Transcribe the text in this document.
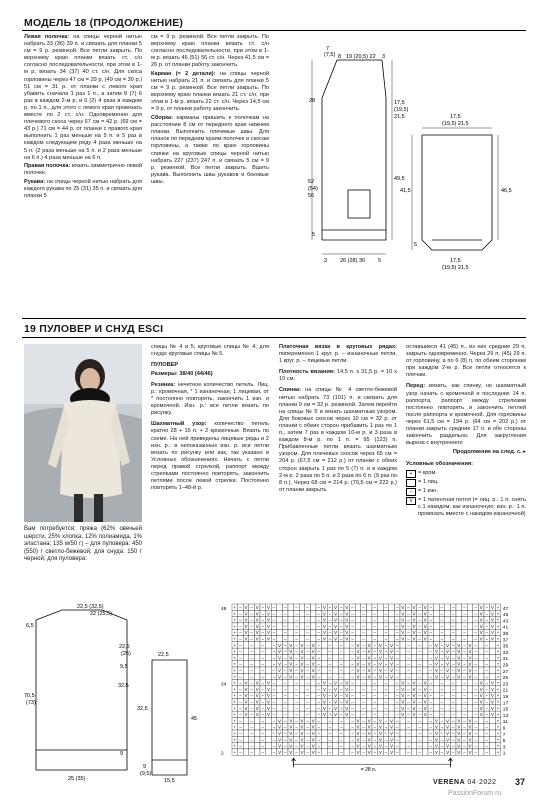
МОДЕЛЬ 18 (ПРОДОЛЖЕНИЕ)

Левая полочка: на спицы черной нитью набрать 33 (36) 39 п. и связать для планки 5 см = 9 р. резинкой. Все петли закрыть. По верхнему краю планки вязать ст. с/н согласно последовательности, при этом в 1-м р. вязать 34 (37) 40 ст. с/н. Для скоса горловины через 47 см = 29 р. (49 см = 30 р.) 51 см = 31 р. от планки с левого края убавить сначала 1 раз 1 п., а затем 8 (7) 6 раз в каждом 2-м р. и 0 (2) 4 раза в каждом р. по 1 п., для этого с левого края провязать вместе по 2 ст. с/н. Одновременно для плечевого скоса через 67 см = 42 р. (69 см = 43 р.) 71 см = 44 р. от планки с правого края выполнить 1 раз меньше на 5 п. и 5 раз в каждом следующем ряду 4 раза меньше на 5 п. (2 раза меньше на 5 п. и 2 раза меньше на 6 п.) 4 раза меньше на 6 п.

Правая полочка: вязать симметрично левой полочке.

Рукава: на спицы черной нитью набрать для каждого рукава по 25 (31) 35 п. и связать для планки 5

см = 9 р. резинкой. Все петли закрыть. По верхнему краю планки вязать ст. с/н согласно последовательности, при этом в 1-м р. вязать 46 (51) 56 ст. с/н. Через 41,5 см = 26 р. от планки работу закончить.

Карман (= 2 детали): на спицы черной нитью набрать 21 п. и связать для планки 5 см = 9 р. резинкой. Все петли закрыть. По верхнему краю планки вязать 21 ст. с/н, при этом в 1-м р. вязать 22 ст. с/н. Через 14,5 см = 9 р. от планки работу закончить.

Сборка: карманы пришить к полочкам на расстоянии 8 см от переднего края нижнем планки. Выполнить плечевые швы. Для планок по передним краям полочек и скосам горловины, а также по краю горловины спинки на круговые спицы черной нитью набрать 227 (237) 247 п. и связать 5 см = 9 р. резинкой. Все петли закрыть. Вшить рукава. Выполнить швы рукавов и боковые швы.

7
(7,5) 8 19 (20,5) 22 3
28
52
(54)
56
5
17,5
(19,5)
21,5
49,5
3 26 (28) 30 5
17,5
(19,5) 21,5
41,5	46,5
5
17,5
(19,5) 21,5
19 ПУЛОВЕР И СНУД ESCI
Вам потребуется: пряжа (62% овечьей шерсти, 25% хлопка, 12% полиамида, 1% эластана; 135 м/50 г) – для пуловера: 450 (550) г светло-бежевой; для снуда: 150 г черной; для пуловера:

спицы № 4 и 5; круговые спицы № 4; для снуда: круговые спицы № 5.

ПУЛОВЕР

Размеры: 38/40 (44/46)

Резинка: нечетное количество петель. Лиц. р.: кромочная, * 1 изнаночная, 1 лицевая, от * постоянно повторять, закончить 1 изн. и кромочной. Изн. р.: все петли вязать по рисунку.

Шахматный узор: количество петель кратно 28 + 15 п. + 2 кромочные. Вязать по схеме. На ней приведены лицевые ряды и 2 изн. р.: в непоказанных изн. р. все петли вязать по рисунку или как, так указано в Условных обозначениях. Начать с петли перед правой стрелкой, раппорт между стрелками постоянно повторять, закончить петлями после левой стрелки. Постоянно повторять 1–48-й р.

Платочная вязка в круговых рядах: попеременно 1 круг. р. – изнаночные петли, 1 круг. р. – лицевые петли.

Плотность вязания: 14,5 п. х 31,5 р. = 10 х 10 см.

Спинка: на спицы № 4 светло-бежевой нитью набрать 73 (101) п. и связать для планки 9 см = 32 р. резинкой. Затем перейти на спицы № 5 и вязать шахматным узором. Для боковых скосов через 10 см = 32 р. от планки с обеих сторон прибавить 1 раз по 1 п., затем 7 раз в каждом 10-м р. и 3 раза в каждом 8-м р. по 1 п. = 95 (123) п. Прибавленные петли вязать шахматным узором. Для плечевых скосов через 65 см = 204 р. (67,5 см = 212 р.) от планки с обеих сторон закрыть 1 раз по 5 (7) п. и в каждом 2-м р. 2 раза по 5 п. и 2 раза по 6 п. (9 раз по 8 п.). Через 68 см = 214 р. (70,5 см = 222 р.) от планки закрыть

оставшиеся 41 (45) п., из них средние 29 п. закрыть одновременно. Через 29 п. (45) 29 п. от горловину, а по 6 (8) п. по обеим сторонам при каждом 2-м р. Все петли относятся к плечам.

Перед: вязать, как спинку, но шахматный узор начать с кромочной и последних 14 п. раппорта, раппорт между стрелками постоянно повторять и закончить петлей после раппорта и кромочной. Для горловины через 61,5 см = 194 р. (64 см = 202 р.) от планки закрыть средние 17 п. и обе стороны закончить раздельно. Для закругления выреза с внутреннего

Продолжение на след. с. ▸

Условные обозначения:

+ = кром.
= 1 лиц.
–	= 1 изн.
V = 1 патентная петля (= лиц. р.: 1 п. снять с 1 накидом, как изнаночную; изн. р.: 1 п. провязать вместе с накидом изнаночной)
22,5 (32,5)
22 (25,5)
6,5
22,5
(25)
9,5
32,5
70,5
(73)
9
25 (35)
22,5
32,5
45
9
(9,5)
15,5
+ – V – V – V – – – – – V – V – V – – – – – V – V – V – – – – – V – V +
+ – V – V – V – – – – – V – V – V – – – – – V – V – V – – – – – V – V +
+ – V – V – V – – – – – V – V – V – – – – – V – V – V – – – – – V – V +
+ – V – V – V – – – – – V – V – V – – – – – V – V – V – – – – – V – V +
+ – V – V – V – – – – – V – V – V – – – – – V – V – V – – – – – V – V +
+ – V – V – V – – – – – V – V – V – – – – – V – V – V – – – – – V – V +
+ – – – – V – V – V – V – – – – V – V – V – V – – – – V – V – V – V – – +
+ – – – – V – V – V – V – – – – V – V – V – V – – – – V – V – V – V – – +
+ – – – – V – V – V – V – – – – V – V – V – V – – – – V – V – V – V – – +
+ – – – – V – V – V – V – – – – V – V – V – V – – – – V – V – V – V – – +
+ – – – – V – V – V – V – – – – V – V – V – V – – – – V – V – V – V – – +
+ – – – – V – V – V – V – – – – V – V – V – V – – – – V – V – V – V – – +
+ – V – V – V – – – – – V – V – V – – – – – V – V – V – – – – – V – V +
+ – V – V – V – – – – – V – V – V – – – – – V – V – V – – – – – V – V +
+ – V – V – V – – – – – V – V – V – – – – – V – V – V – – – – – V – V +
+ – V – V – V – – – – – V – V – V – – – – – V – V – V – – – – – V – V +
+ – V – V – V – – – – – V – V – V – – – – – V – V – V – – – – – V – V +
+ – V – V – V – – – – – V – V – V – – – – – V – V – V – – – – – V – V +
+ – – – – V – V – V – V – – – – V – V – V – V – – – – V – V – V – V – – +
+ – – – – V – V – V – V – – – – V – V – V – V – – – – V – V – V – V – – +
+ – – – – V – V – V – V – – – – V – V – V – V – – – – V – V – V – V – – +
+ – – – – V – V – V – V – – – – V – V – V – V – – – – V – V – V – V – – +
+ – – – – V – V – V – V – – – – V – V – V – V – – – – V – V – V – V – – +
+ – – – – V – V – V – V – – – – V – V – V – V – – – – V – V – V – V – – +
47
45
43
41
39
37
35
33
31
29
27
25
23
21
19
17
15
13
11
9
7
5
3
1
48
24
2
= 28 п.
VERENA 04·2022 37
PassionForum.ru
